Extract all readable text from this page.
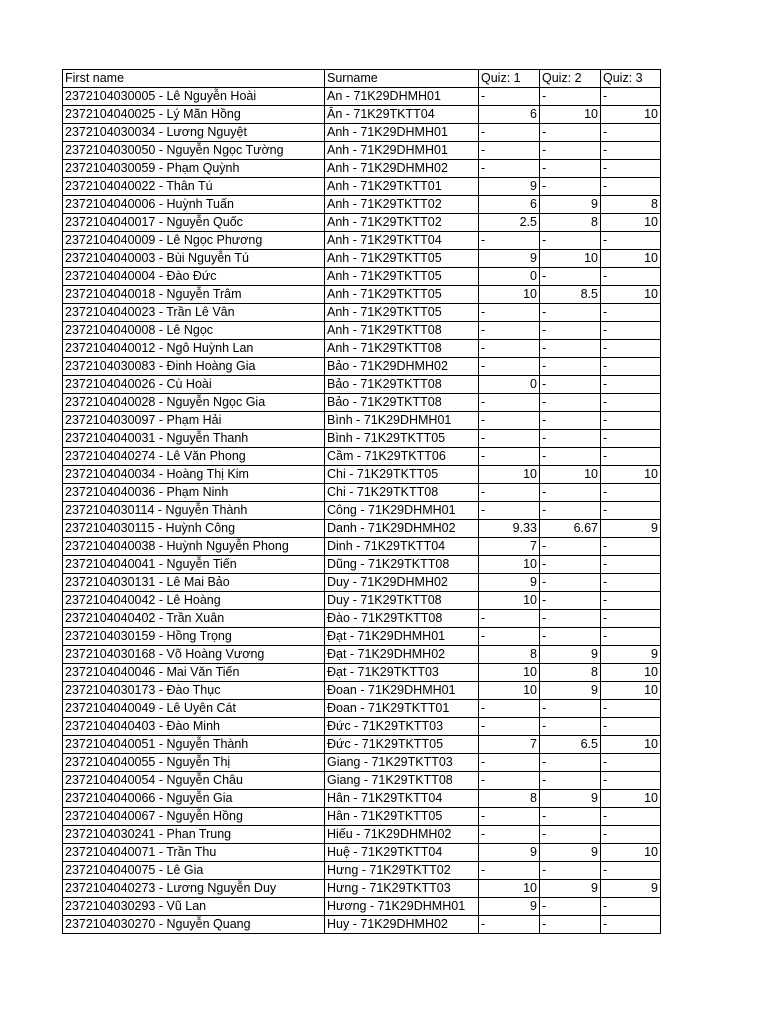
First name	Surname	Quiz: 1	Quiz: 2	Quiz: 3
2372104030005 - Lê Nguyễn Hoài	An - 71K29DHMH01	-	-	-
2372104040025 - Lý Mãn Hồng	Ân - 71K29TKTT04	6	10	10
2372104030034 - Lương Nguyệt	Anh - 71K29DHMH01	-	-	-
2372104030050 - Nguyễn Ngọc Tường	Anh - 71K29DHMH01	-	-	-
2372104030059 - Phạm Quỳnh	Anh - 71K29DHMH02	-	-	-
2372104040022 - Thân Tú	Anh - 71K29TKTT01	9	-	-
2372104040006 - Huỳnh Tuấn	Anh - 71K29TKTT02	6	9	8
2372104040017 - Nguyễn Quốc	Anh - 71K29TKTT02	2.5	8	10
2372104040009 - Lê Ngọc Phương	Anh - 71K29TKTT04	-	-	-
2372104040003 - Bùi Nguyễn Tú	Anh - 71K29TKTT05	9	10	10
2372104040004 - Đào Đức	Anh - 71K29TKTT05	0	-	-
2372104040018 - Nguyễn Trâm	Anh - 71K29TKTT05	10	8.5	10
2372104040023 - Trần Lê Vân	Anh - 71K29TKTT05	-	-	-
2372104040008 - Lê Ngọc	Anh - 71K29TKTT08	-	-	-
2372104040012 - Ngô Huỳnh Lan	Anh - 71K29TKTT08	-	-	-
2372104030083 - Đinh Hoàng Gia	Bảo - 71K29DHMH02	-	-	-
2372104040026 - Cù Hoài	Bảo - 71K29TKTT08	0	-	-
2372104040028 - Nguyễn Ngọc Gia	Bảo - 71K29TKTT08	-	-	-
2372104030097 - Phạm Hải	Bình - 71K29DHMH01	-	-	-
2372104040031 - Nguyễn Thanh	Bình - 71K29TKTT05	-	-	-
2372104040274 - Lê Văn Phong	Cầm - 71K29TKTT06	-	-	-
2372104040034 - Hoàng Thị Kim	Chi - 71K29TKTT05	10	10	10
2372104040036 - Phạm Ninh	Chi - 71K29TKTT08	-	-	-
2372104030114 - Nguyễn Thành	Công - 71K29DHMH01	-	-	-
2372104030115 - Huỳnh Công	Danh - 71K29DHMH02	9.33	6.67	9
2372104040038 - Huỳnh Nguyễn Phong	Dinh - 71K29TKTT04	7	-	-
2372104040041 - Nguyễn Tiến	Dũng - 71K29TKTT08	10	-	-
2372104030131 - Lê Mai Bảo	Duy - 71K29DHMH02	9	-	-
2372104040042 - Lê Hoàng	Duy - 71K29TKTT08	10	-	-
2372104040402 - Trần Xuân	Đào - 71K29TKTT08	-	-	-
2372104030159 - Hồng Trọng	Đạt - 71K29DHMH01	-	-	-
2372104030168 - Võ Hoàng Vương	Đạt - 71K29DHMH02	8	9	9
2372104040046 - Mai Văn Tiến	Đạt - 71K29TKTT03	10	8	10
2372104030173 - Đào Thục	Đoan - 71K29DHMH01	10	9	10
2372104040049 - Lê Uyên Cát	Đoan - 71K29TKTT01	-	-	-
2372104040403 - Đào Minh	Đức - 71K29TKTT03	-	-	-
2372104040051 - Nguyễn Thành	Đức - 71K29TKTT05	7	6.5	10
2372104040055 - Nguyễn Thị	Giang - 71K29TKTT03	-	-	-
2372104040054 - Nguyễn Châu	Giang - 71K29TKTT08	-	-	-
2372104040066 - Nguyễn Gia	Hân - 71K29TKTT04	8	9	10
2372104040067 - Nguyễn Hồng	Hân - 71K29TKTT05	-	-	-
2372104030241 - Phan Trung	Hiếu - 71K29DHMH02	-	-	-
2372104040071 - Trần Thu	Huệ - 71K29TKTT04	9	9	10
2372104040075 - Lê Gia	Hưng - 71K29TKTT02	-	-	-
2372104040273 - Lương Nguyễn Duy	Hưng - 71K29TKTT03	10	9	9
2372104030293 - Vũ Lan	Hương - 71K29DHMH01	9	-	-
2372104030270 - Nguyễn Quang	Huy - 71K29DHMH02	-	-	-
